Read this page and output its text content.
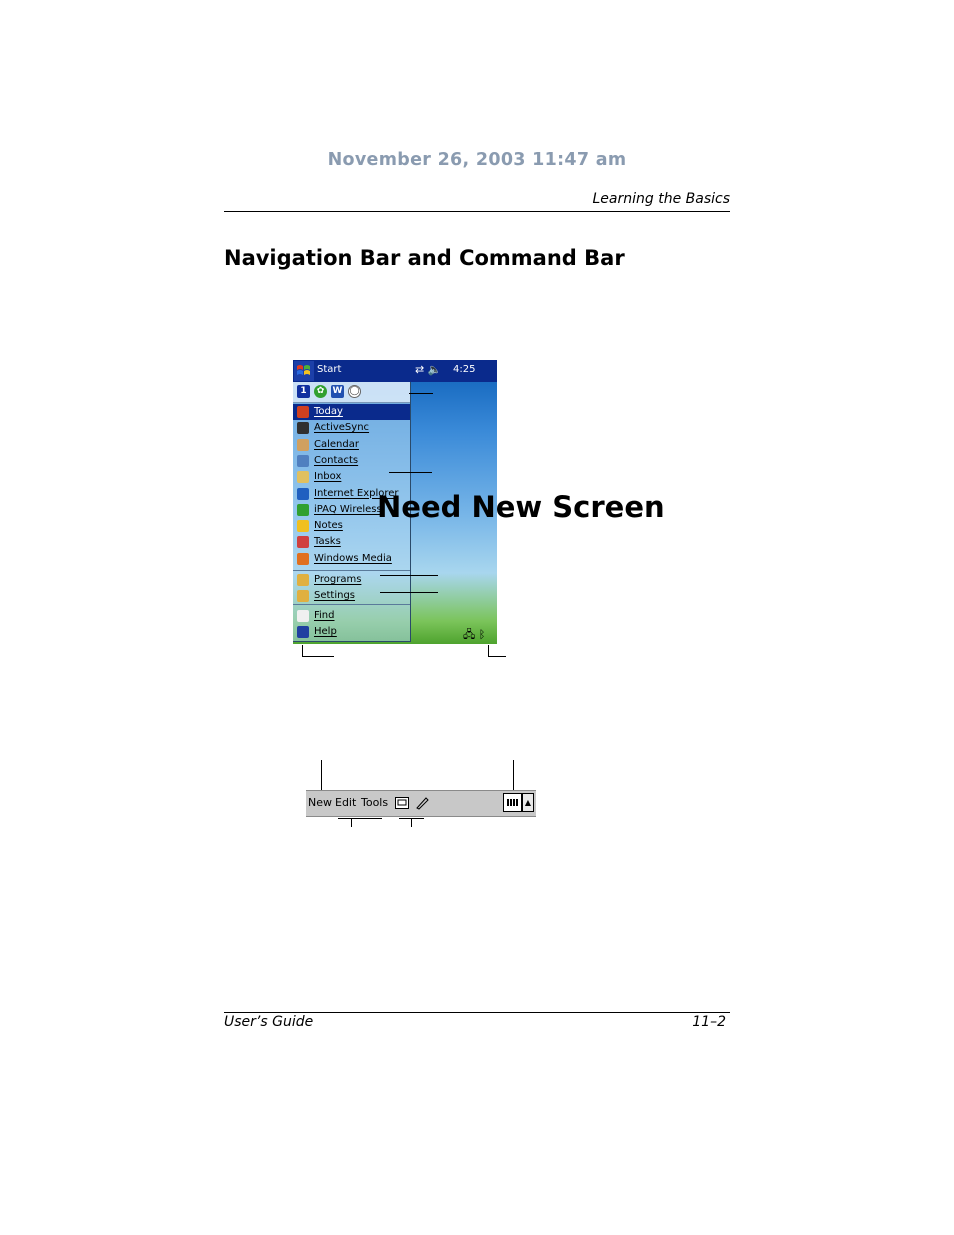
November 26, 2003 11:47 am
Learning the Basics
Navigation Bar and Command Bar
Start	⇄ 🔈 4:25
1	✿ W ◯
Today
ActiveSync
Calendar
Contacts
Inbox
Internet Explorer
iPAQ Wireless
Notes
Tasks
Windows Media
Programs
Settings
Find
Help	🖧 ᛒ
Need New Screen
New Edit Tools	▲
User’s Guide	11–2
